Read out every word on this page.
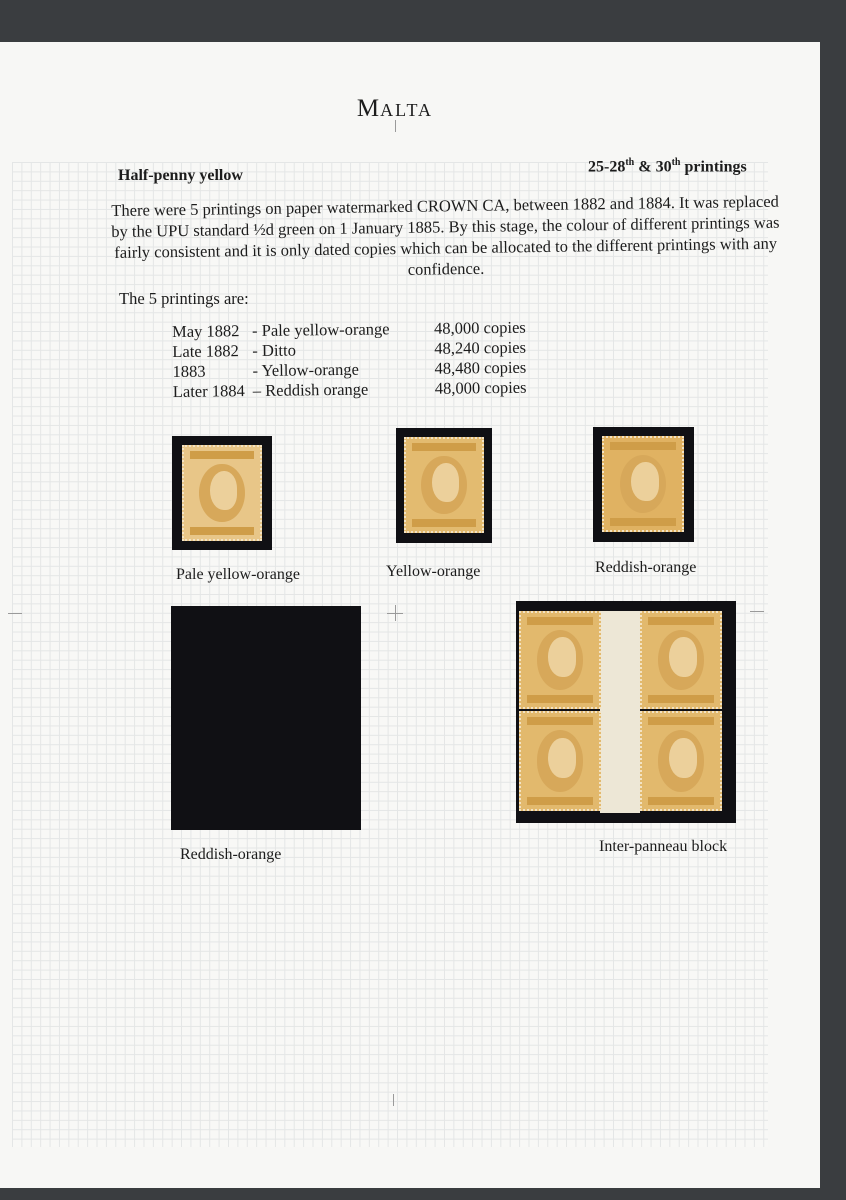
MALTA
Half-penny yellow
25-28th & 30th printings
There were 5 printings on paper watermarked CROWN CA, between 1882 and 1884. It was replaced by the UPU standard ½d green on 1 January 1885. By this stage, the colour of different printings was fairly consistent and it is only dated copies which can be allocated to the different printings with any confidence.
The 5 printings are:
May 1882 - Pale yellow-orange	48,000 copies
Late 1882 - Ditto	48,240 copies
1883	- Yellow-orange	48,480 copies
Later 1884 – Reddish orange	48,000 copies
Pale yellow-orange	Yellow-orange	Reddish-orange
Reddish-orange	Inter-panneau block
